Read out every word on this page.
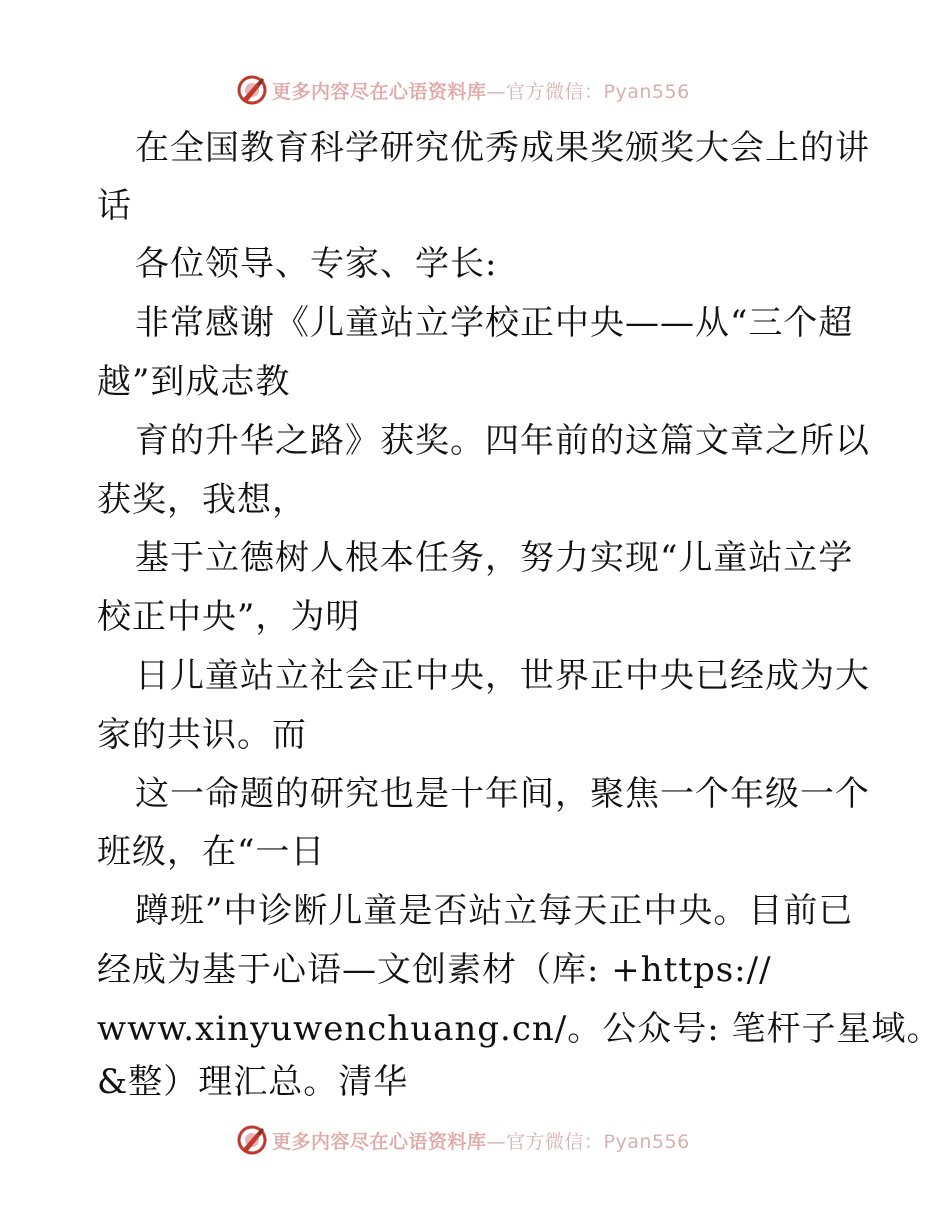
更多内容尽在心语资料库—官方微信：Pyan556
在全国教育科学研究优秀成果奖颁奖大会上的讲
话
各位领导、专家、学长:
非常感谢《儿童站立学校正中央——从“三个超
越”到成志教
育的升华之路》获奖。四年前的这篇文章之所以
获奖，我想，
基于立德树人根本任务，努力实现“儿童站立学
校正中央”，为明
日儿童站立社会正中央，世界正中央已经成为大
家的共识。而
这一命题的研究也是十年间，聚焦一个年级一个
班级，在“一日
蹲班”中诊断儿童是否站立每天正中央。目前已
经成为基于心语—文创素材（库: +https://
www.xinyuwenchuang.cn/。公众号: 笔杆子星域。
&整）理汇总。清华
更多内容尽在心语资料库—官方微信：Pyan556
